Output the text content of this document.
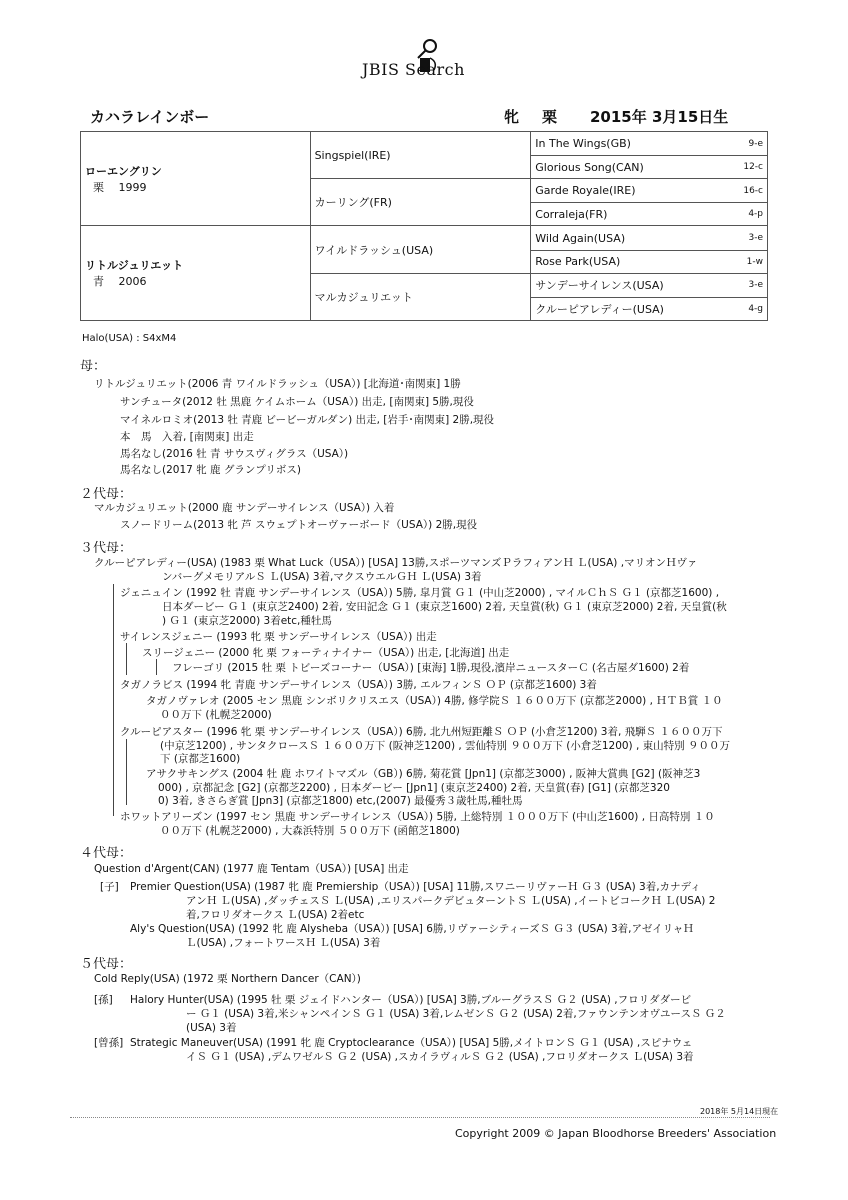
JBIS Search
カハラレインボー	牝 栗 2015年 3月15日生
ローエングリン
栗　 1999	Singspiel(IRE)	In The Wings(GB)	9-e
		Glorious Song(CAN)	12-c
	カーリング(FR)	Garde Royale(IRE)	16-c
		Corraleja(FR)	4-p

リトルジュリエット
青　 2006	ワイルドラッシュ(USA)	Wild Again(USA)	3-e
		Rose Park(USA)	1-w
	マルカジュリエット	サンデーサイレンス(USA)	3-e
		クルーピアレディー(USA)	4-g
Halo(USA) : S4xM4
母：
リトルジュリエット(2006 青 ワイルドラッシュ（USA）) [北海道･南関東] 1勝
サンチュータ(2012 牡 黒鹿 ケイムホーム（USA）) 出走, [南関東] 5勝,現役
マイネルロミオ(2013 牡 青鹿 ビービーガルダン) 出走, [岩手･南関東] 2勝,現役
本　馬　入着, [南関東] 出走
馬名なし(2016 牡 青 サウスヴィグラス（USA）)
馬名なし(2017 牝 鹿 グランプリボス)
２代母：
マルカジュリエット(2000 鹿 サンデーサイレンス（USA）) 入着
スノードリーム(2013 牝 芦 スウェプトオーヴァーボード（USA）) 2勝,現役
３代母：
クルーピアレディー(USA) (1983 栗 What Luck（USA）) [USA] 13勝,スポーツマンズＰラフィアンＨ Ｌ(USA) ,マリオンＨヴァ
ンバーグメモリアルＳ Ｌ(USA) 3着,マクスウエルＧＨ Ｌ(USA) 3着
ジェニュイン (1992 牡 青鹿 サンデーサイレンス（USA）) 5勝, 皐月賞 Ｇ１ (中山芝2000) , マイルＣｈＳ Ｇ１ (京都芝1600) ,
日本ダービー Ｇ１ (東京芝2400) 2着, 安田記念 Ｇ１ (東京芝1600) 2着, 天皇賞(秋) Ｇ１ (東京芝2000) 2着, 天皇賞(秋
) Ｇ１ (東京芝2000) 3着etc,種牡馬
サイレンスジェニー (1993 牝 栗 サンデーサイレンス（USA）) 出走
スリージェニー (2000 牝 栗 フォーティナイナー（USA）) 出走, [北海道] 出走
フレーゴリ (2015 牡 栗 トビーズコーナー（USA）) [東海] 1勝,現役,濱岸ニュースターＣ (名古屋ダ1600) 2着
タガノラビス (1994 牝 青鹿 サンデーサイレンス（USA）) 3勝, エルフィンＳ ＯＰ (京都芝1600) 3着
タガノヴァレオ (2005 セン 黒鹿 シンボリクリスエス（USA）) 4勝, 修学院Ｓ １６００万下 (京都芝2000) , ＨＴＢ賞 １０
００万下 (札幌芝2000)
クルーピアスター (1996 牝 栗 サンデーサイレンス（USA）) 6勝, 北九州短距離Ｓ ＯＰ (小倉芝1200) 3着, 飛騨Ｓ １６００万下
(中京芝1200) , サンタクロースＳ １６００万下 (阪神芝1200) , 雲仙特別 ９００万下 (小倉芝1200) , 東山特別 ９００万
下 (京都芝1600)
アサクサキングス (2004 牡 鹿 ホワイトマズル（GB）) 6勝, 菊花賞 [Jpn1] (京都芝3000) , 阪神大賞典 [G2] (阪神芝3
000) , 京都記念 [G2] (京都芝2200) , 日本ダービー [Jpn1] (東京芝2400) 2着, 天皇賞(春) [G1] (京都芝320
0) 3着, きさらぎ賞 [Jpn3] (京都芝1800) etc,(2007) 最優秀３歳牡馬,種牡馬
ホワットアリーズン (1997 セン 黒鹿 サンデーサイレンス（USA）) 5勝, 上総特別 １０００万下 (中山芝1600) , 日高特別 １０
００万下 (札幌芝2000) , 大森浜特別 ５００万下 (函館芝1800)
４代母：
Question d'Argent(CAN) (1977 鹿 Tentam（USA）) [USA] 出走
[子] Premier Question(USA) (1987 牝 鹿 Premiership（USA）) [USA] 11勝,スワニーリヴァーＨ Ｇ３ (USA) 3着,カナディ
アンＨ Ｌ(USA) ,ダッチェスＳ Ｌ(USA) ,エリスパークデビュターントＳ Ｌ(USA) ,イートビコークＨ Ｌ(USA) 2
着,フロリダオークス Ｌ(USA) 2着etc
Aly's Question(USA) (1992 牝 鹿 Alysheba（USA）) [USA] 6勝,リヴァーシティーズＳ Ｇ３ (USA) 3着,アゼイリャＨ
Ｌ(USA) ,フォートワースＨ Ｌ(USA) 3着
５代母：
Cold Reply(USA) (1972 栗 Northern Dancer（CAN）)
[孫] Halory Hunter(USA) (1995 牡 栗 ジェイドハンター（USA）) [USA] 3勝,ブルーグラスＳ Ｇ２ (USA) ,フロリダダービ
ー Ｇ１ (USA) 3着,米シャンペインＳ Ｇ１ (USA) 3着,レムゼンＳ Ｇ２ (USA) 2着,ファウンテンオヴユースＳ Ｇ２
(USA) 3着
[曾孫] Strategic Maneuver(USA) (1991 牝 鹿 Cryptoclearance（USA）) [USA] 5勝,メイトロンＳ Ｇ１ (USA) ,スピナウェ
イＳ Ｇ１ (USA) ,デムワゼルＳ Ｇ２ (USA) ,スカイラヴィルＳ Ｇ２ (USA) ,フロリダオークス Ｌ(USA) 3着
2018年 5月14日現在
Copyright 2009 © Japan Bloodhorse Breeders' Association
